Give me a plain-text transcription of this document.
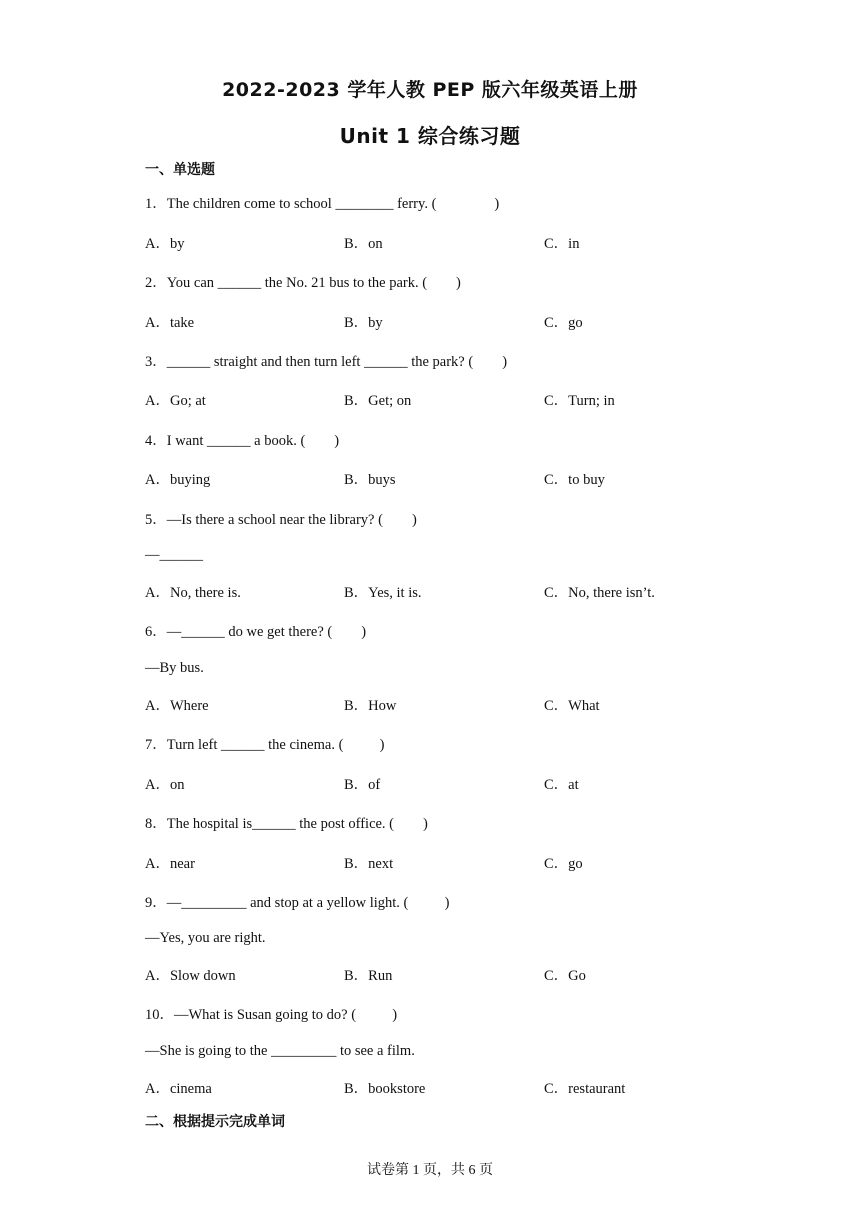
2022-2023 学年人教 PEP 版六年级英语上册
Unit 1 综合练习题
一、单选题
1．The children come to school ________ ferry. (                )
A．by	B．on	C．in
2．You can ______ the No. 21 bus to the park. (        )
A．take	B．by	C．go
3．______ straight and then turn left ______ the park? (        )
A．Go; at	B．Get; on	C．Turn; in
4．I want ______ a book. (        )
A．buying	B．buys	C．to buy
5．—Is there a school near the library? (        )
—______
A．No, there is.	B．Yes, it is.	C．No, there isn’t.
6．—______ do we get there? (        )
—By bus.
A．Where	B．How	C．What
7．Turn left ______ the cinema. (          )
A．on	B．of	C．at
8．The hospital is______ the post office. (        )
A．near	B．next	C．go
9．—_________ and stop at a yellow light. (          )
—Yes, you are right.
A．Slow down	B．Run	C．Go
10．—What is Susan going to do? (          )
—She is going to the _________ to see a film.
A．cinema	B．bookstore	C．restaurant
二、根据提示完成单词
试卷第 1 页，共 6 页
